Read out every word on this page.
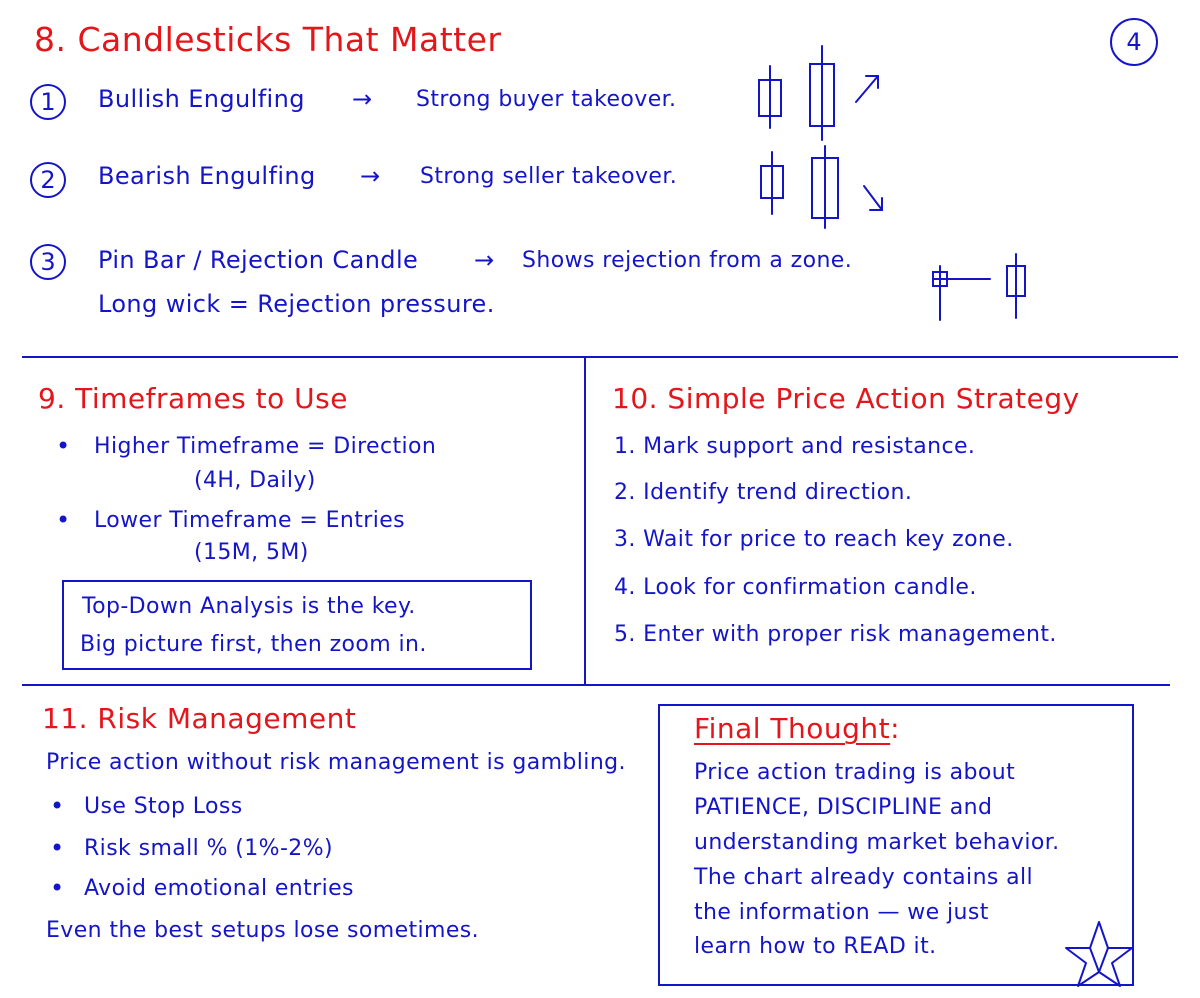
4
8. Candlesticks That Matter
1 Bullish Engulfing → Strong buyer takeover.
2 Bearish Engulfing → Strong seller takeover.
3 Pin Bar / Rejection Candle → Shows rejection from a zone.
Long wick = Rejection pressure.
9. Timeframes to Use
• Higher Timeframe = Direction
(4H, Daily)
• Lower Timeframe = Entries
(15M, 5M)
Top-Down Analysis is the key.
Big picture first, then zoom in.
10. Simple Price Action Strategy
1. Mark support and resistance.
2. Identify trend direction.
3. Wait for price to reach key zone.
4. Look for confirmation candle.
5. Enter with proper risk management.
11. Risk Management
Price action without risk management is gambling.
• Use Stop Loss
• Risk small % (1%-2%)
• Avoid emotional entries
Even the best setups lose sometimes.
Final Thought:
Price action trading is about
PATIENCE, DISCIPLINE and
understanding market behavior.
The chart already contains all
the information — we just
learn how to READ it.
